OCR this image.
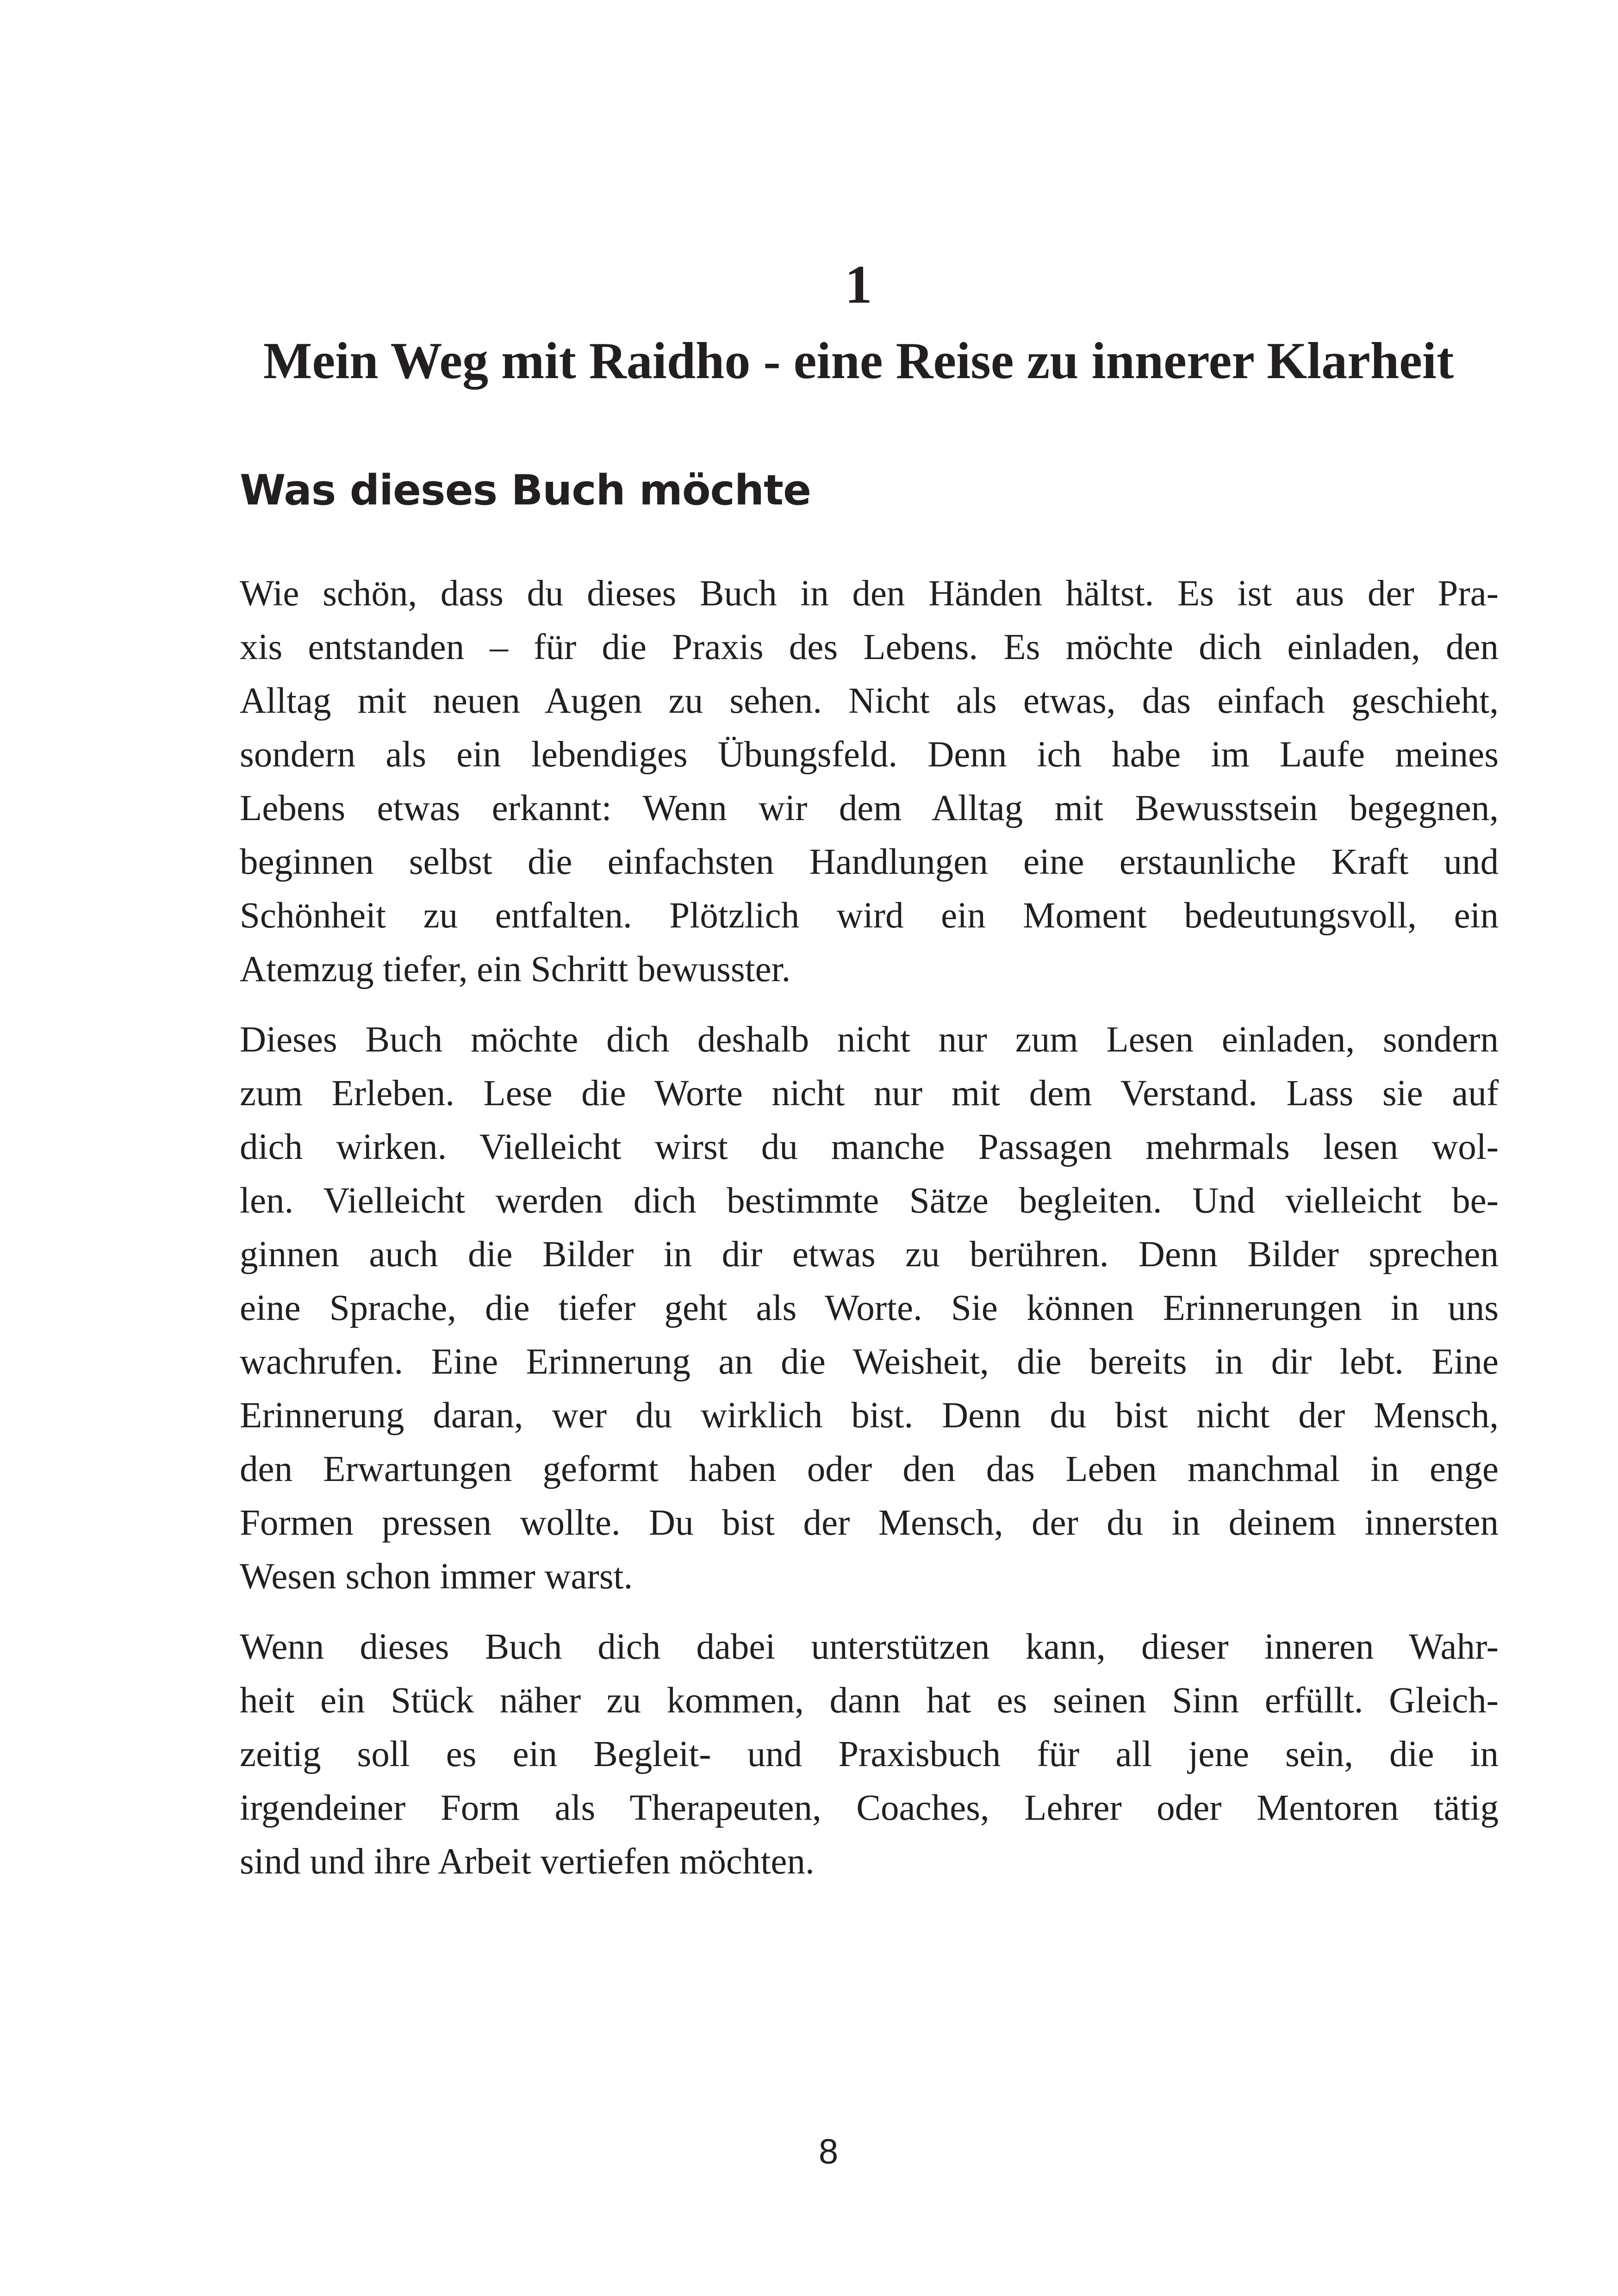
1
Mein Weg mit Raidho - eine Reise zu innerer Klarheit
Was dieses Buch möchte

Wie schön, dass du dieses Buch in den Händen hältst. Es ist aus der Pra-
xis entstanden – für die Praxis des Lebens. Es möchte dich einladen, den
Alltag mit neuen Augen zu sehen. Nicht als etwas, das einfach geschieht,
sondern als ein lebendiges Übungsfeld. Denn ich habe im Laufe meines
Lebens etwas erkannt: Wenn wir dem Alltag mit Bewusstsein begegnen,
beginnen selbst die einfachsten Handlungen eine erstaunliche Kraft und
Schönheit zu entfalten. Plötzlich wird ein Moment bedeutungsvoll, ein
Atemzug tiefer, ein Schritt bewusster.

Dieses Buch möchte dich deshalb nicht nur zum Lesen einladen, sondern
zum Erleben. Lese die Worte nicht nur mit dem Verstand. Lass sie auf
dich wirken. Vielleicht wirst du manche Passagen mehrmals lesen wol-
len. Vielleicht werden dich bestimmte Sätze begleiten. Und vielleicht be-
ginnen auch die Bilder in dir etwas zu berühren. Denn Bilder sprechen
eine Sprache, die tiefer geht als Worte. Sie können Erinnerungen in uns
wachrufen. Eine Erinnerung an die Weisheit, die bereits in dir lebt. Eine
Erinnerung daran, wer du wirklich bist. Denn du bist nicht der Mensch,
den Erwartungen geformt haben oder den das Leben manchmal in enge
Formen pressen wollte. Du bist der Mensch, der du in deinem innersten
Wesen schon immer warst.

Wenn dieses Buch dich dabei unterstützen kann, dieser inneren Wahr-
heit ein Stück näher zu kommen, dann hat es seinen Sinn erfüllt. Gleich-
zeitig soll es ein Begleit- und Praxisbuch für all jene sein, die in
irgendeiner Form als Therapeuten, Coaches, Lehrer oder Mentoren tätig
sind und ihre Arbeit vertiefen möchten.

8
